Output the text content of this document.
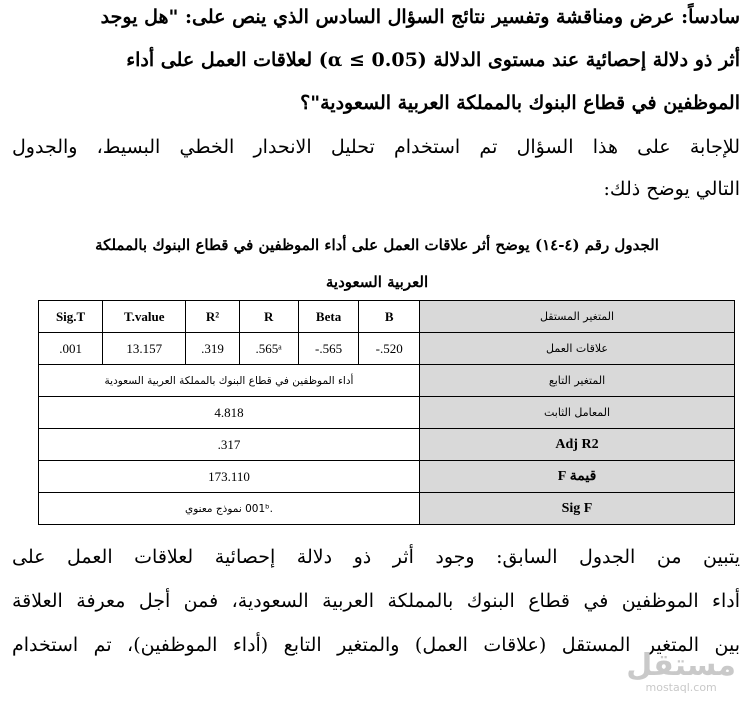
سادساً: عرض ومناقشة وتفسير نتائج السؤال السادس الذي ينص على: "هل يوجد
أثر ذو دلالة إحصائية عند مستوى الدلالة (α ≤ 0.05) لعلاقات العمل على أداء
الموظفين في قطاع البنوك بالمملكة العربية السعودية"؟
للإجابة على هذا السؤال تم استخدام تحليل الانحدار الخطي البسيط، والجدول
التالي يوضح ذلك:
الجدول رقم (٤-١٤) يوضح أثر علاقات العمل على أداء الموظفين في قطاع البنوك بالمملكة
العربية السعودية
Sig.T	T.value	R²	R	Beta	B	المتغير المستقل
.001	13.157	.319	.565ᵃ	-.565	-.520	علاقات العمل
أداء الموظفين في قطاع البنوك بالمملكة العربية السعودية						المتغير التابع
4.818						المعامل الثابت
.317						Adj R2
173.110						قيمة F
.001ᵇ نموذج معنوي						Sig F
يتبين من الجدول السابق: وجود أثر ذو دلالة إحصائية لعلاقات العمل على
أداء الموظفين في قطاع البنوك بالمملكة العربية السعودية، فمن أجل معرفة العلاقة
بين المتغير المستقل (علاقات العمل) والمتغير التابع (أداء الموظفين)، تم استخدام
مستقل
mostaql.com
